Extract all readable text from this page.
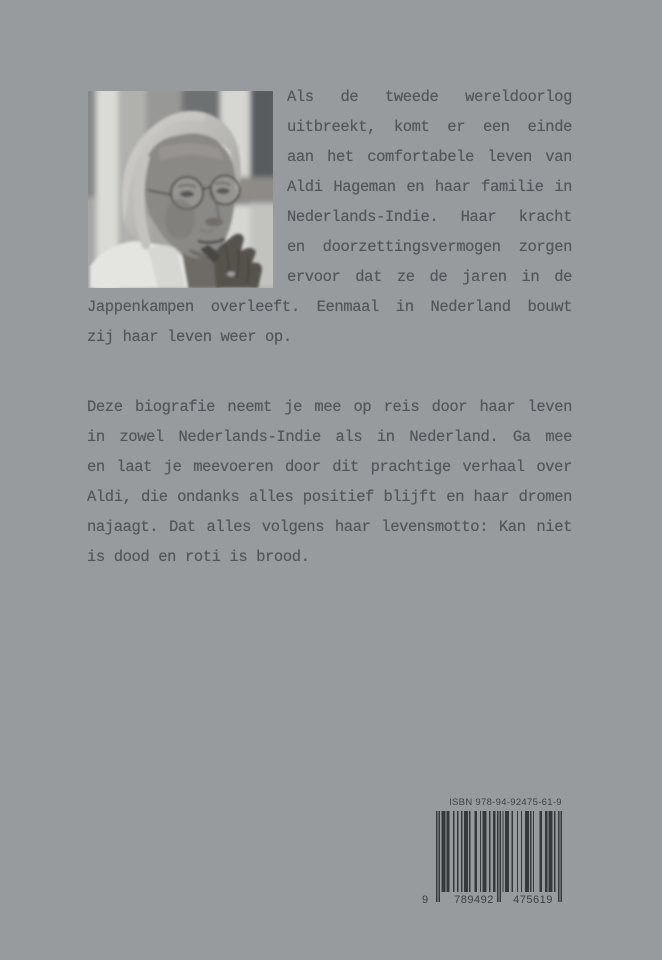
Als de tweede wereldoorlog
uitbreekt, komt er een einde
aan het comfortabele leven van
Aldi Hageman en haar familie in
Nederlands-Indie. Haar kracht
en doorzettingsvermogen zorgen
ervoor dat ze de jaren in de
Jappenkampen overleeft. Eenmaal in Nederland bouwt
zij haar leven weer op.
Deze biografie neemt je mee op reis door haar leven
in zowel Nederlands-Indie als in Nederland. Ga mee
en laat je meevoeren door dit prachtige verhaal over
Aldi, die ondanks alles positief blijft en haar dromen
najaagt. Dat alles volgens haar levensmotto: Kan niet
is dood en roti is brood.
ISBN 978-94-92475-61-9
9	789492	475619
